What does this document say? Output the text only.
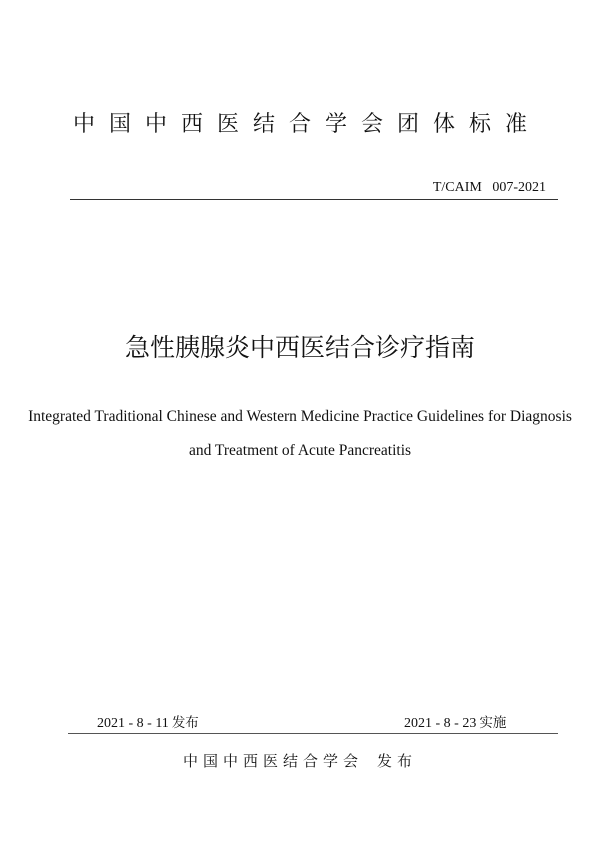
中国中西医结合学会团体标准
T/CAIM   007-2021
急性胰腺炎中西医结合诊疗指南
Integrated Traditional Chinese and Western Medicine Practice Guidelines for Diagnosis
and Treatment of Acute Pancreatitis
2021 - 8 - 11 发布	2021 - 8 - 23 实施
中国中西医结合学会 发布
